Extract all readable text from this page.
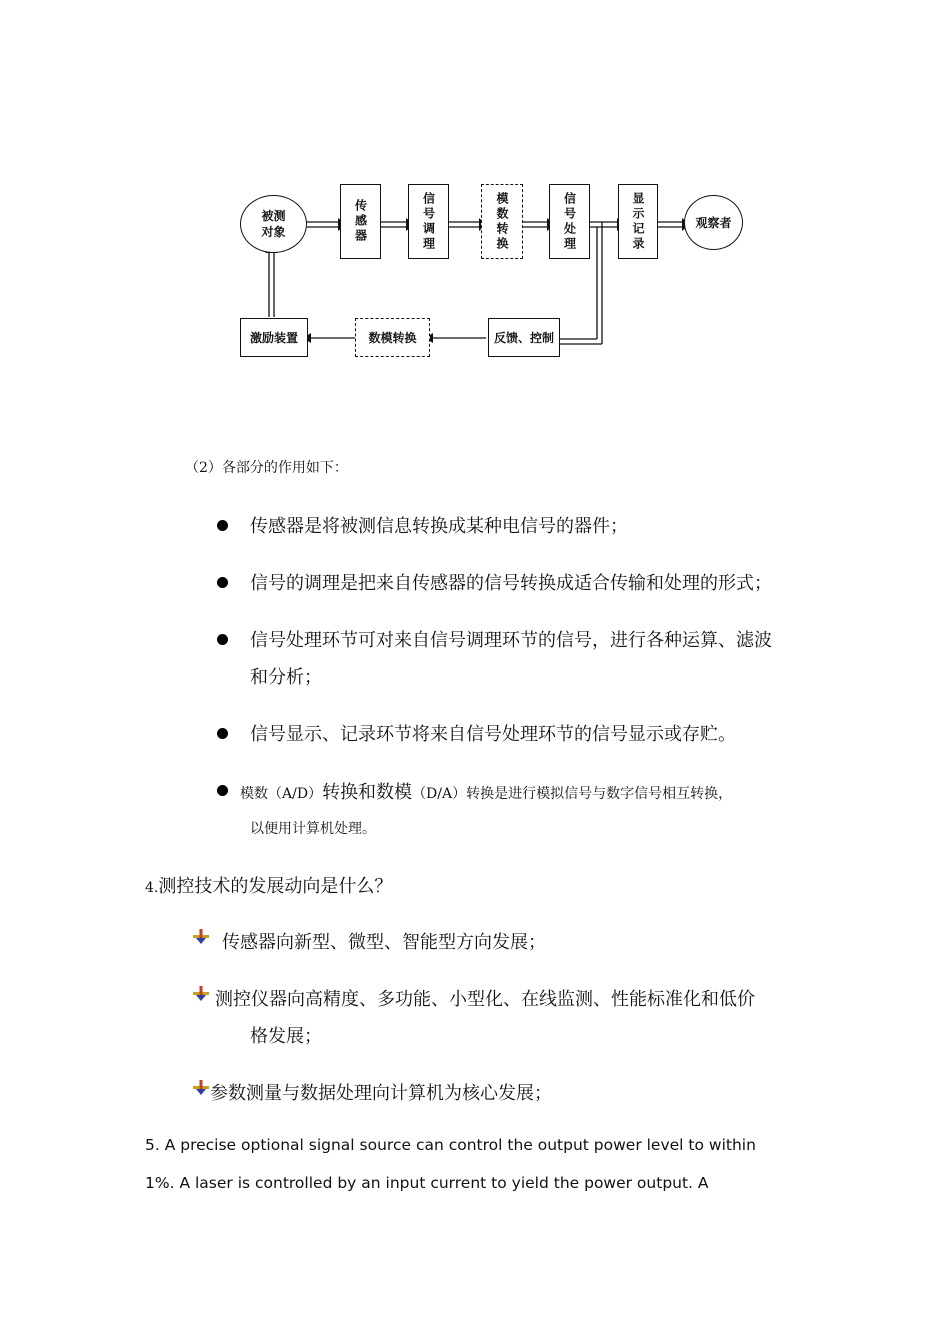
被测对象	传感器	信号调理	模数转换	信号处理	显示记录	观察者
反馈、控制
数模转换
激励装置
（2）各部分的作用如下：
传感器是将被测信息转换成某种电信号的器件；
信号的调理是把来自传感器的信号转换成适合传输和处理的形式；
信号处理环节可对来自信号调理环节的信号，进行各种运算、滤波
和分析；
信号显示、记录环节将来自信号处理环节的信号显示或存贮。
模数（A/D）转换和数模（D/A）转换是进行模拟信号与数字信号相互转换，
以便用计算机处理。
4.测控技术的发展动向是什么？
传感器向新型、微型、智能型方向发展；
测控仪器向高精度、多功能、小型化、在线监测、性能标准化和低价
格发展；
参数测量与数据处理向计算机为核心发展；
5. A precise optional signal source can control the output power level to within
1%. A laser is controlled by an input current to yield the power output. A
